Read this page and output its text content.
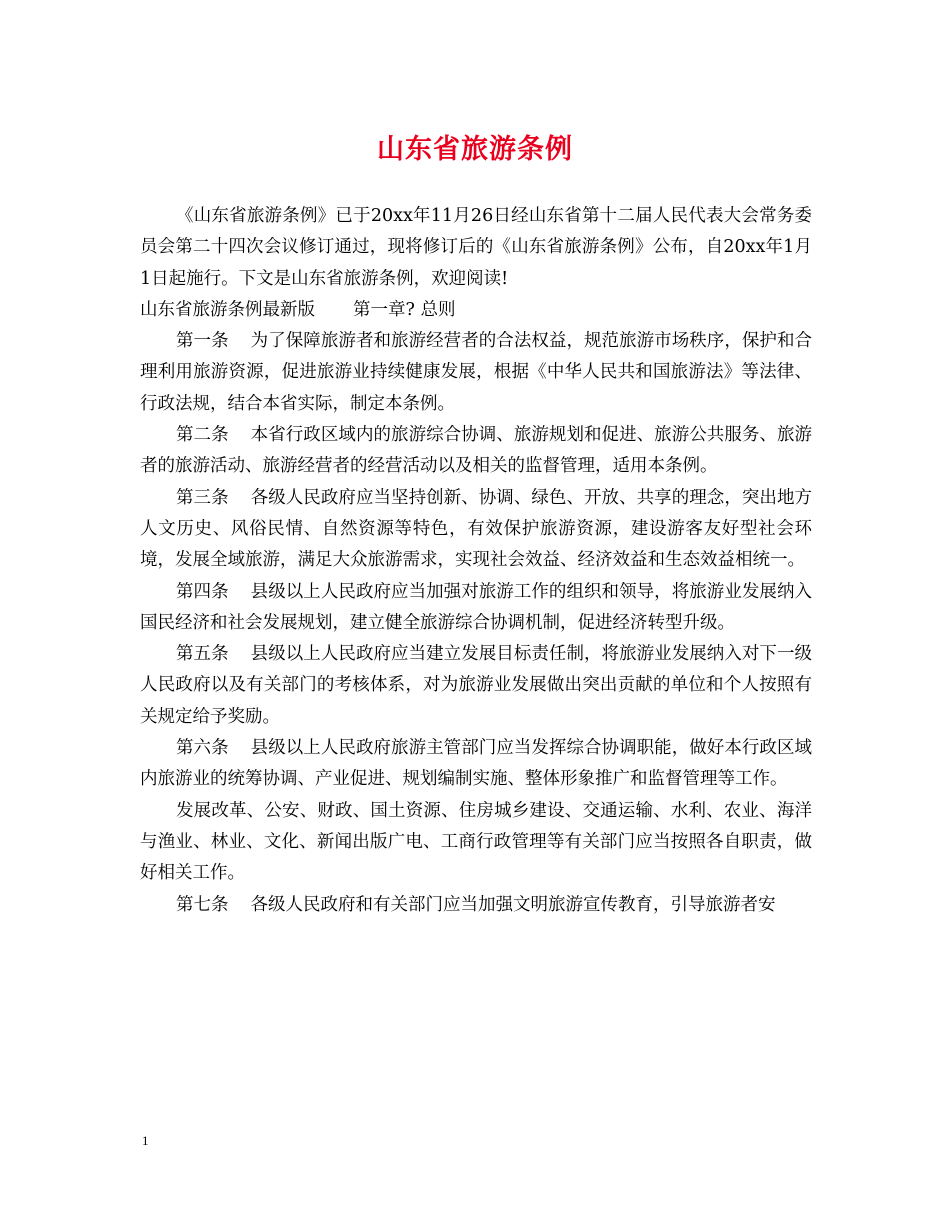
山东省旅游条例

《山东省旅游条例》已于20xx年11月26日经山东省第十二届人民代表大会常务委员会第二十四次会议修订通过，现将修订后的《山东省旅游条例》公布，自20xx年1月1日起施行。下文是山东省旅游条例，欢迎阅读!

山东省旅游条例最新版 第一章? 总则

第一条 为了保障旅游者和旅游经营者的合法权益，规范旅游市场秩序，保护和合理利用旅游资源，促进旅游业持续健康发展，根据《中华人民共和国旅游法》等法律、行政法规，结合本省实际，制定本条例。

第二条 本省行政区域内的旅游综合协调、旅游规划和促进、旅游公共服务、旅游者的旅游活动、旅游经营者的经营活动以及相关的监督管理，适用本条例。

第三条 各级人民政府应当坚持创新、协调、绿色、开放、共享的理念，突出地方人文历史、风俗民情、自然资源等特色，有效保护旅游资源，建设游客友好型社会环境，发展全域旅游，满足大众旅游需求，实现社会效益、经济效益和生态效益相统一。

第四条 县级以上人民政府应当加强对旅游工作的组织和领导，将旅游业发展纳入国民经济和社会发展规划，建立健全旅游综合协调机制，促进经济转型升级。

第五条 县级以上人民政府应当建立发展目标责任制，将旅游业发展纳入对下一级人民政府以及有关部门的考核体系，对为旅游业发展做出突出贡献的单位和个人按照有关规定给予奖励。

第六条 县级以上人民政府旅游主管部门应当发挥综合协调职能，做好本行政区域内旅游业的统筹协调、产业促进、规划编制实施、整体形象推广和监督管理等工作。

发展改革、公安、财政、国土资源、住房城乡建设、交通运输、水利、农业、海洋与渔业、林业、文化、新闻出版广电、工商行政管理等有关部门应当按照各自职责，做好相关工作。

第七条 各级人民政府和有关部门应当加强文明旅游宣传教育，引导旅游者安

1
